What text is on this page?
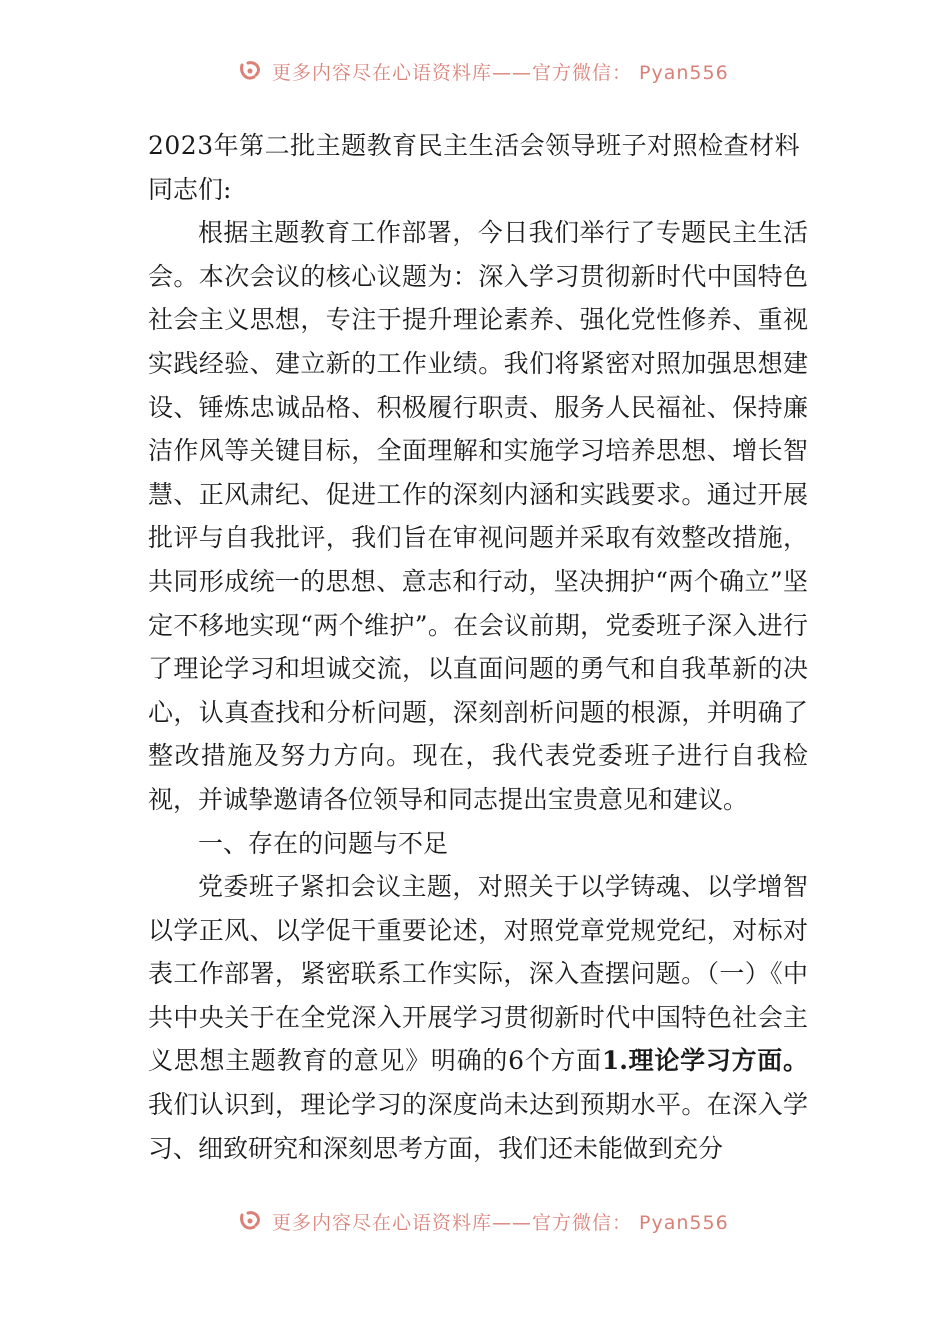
更多内容尽在心语资料库——官方微信： Pyan556

2023年第二批主题教育民主生活会领导班子对照检查材料

同志们:

根据主题教育工作部署，今日我们举行了专题民主生活会。本次会议的核心议题为：深入学习贯彻新时代中国特色社会主义思想，专注于提升理论素养、强化党性修养、重视实践经验、建立新的工作业绩。我们将紧密对照加强思想建设、锤炼忠诚品格、积极履行职责、服务人民福祉、保持廉洁作风等关键目标，全面理解和实施学习培养思想、增长智慧、正风肃纪、促进工作的深刻内涵和实践要求。通过开展批评与自我批评，我们旨在审视问题并采取有效整改措施，共同形成统一的思想、意志和行动，坚决拥护“两个确立”坚定不移地实现“两个维护”。在会议前期，党委班子深入进行了理论学习和坦诚交流，以直面问题的勇气和自我革新的决心，认真查找和分析问题，深刻剖析问题的根源，并明确了整改措施及努力方向。现在，我代表党委班子进行自我检视，并诚挚邀请各位领导和同志提出宝贵意见和建议。

一、存在的问题与不足

党委班子紧扣会议主题，对照关于以学铸魂、以学增智以学正风、以学促干重要论述，对照党章党规党纪，对标对表工作部署，紧密联系工作实际，深入查摆问题。（一）《中共中央关于在全党深入开展学习贯彻新时代中国特色社会主义思想主题教育的意见》明确的6个方面1.理论学习方面。我们认识到，理论学习的深度尚未达到预期水平。在深入学习、细致研究和深刻思考方面，我们还未能做到充分

更多内容尽在心语资料库——官方微信： Pyan556
